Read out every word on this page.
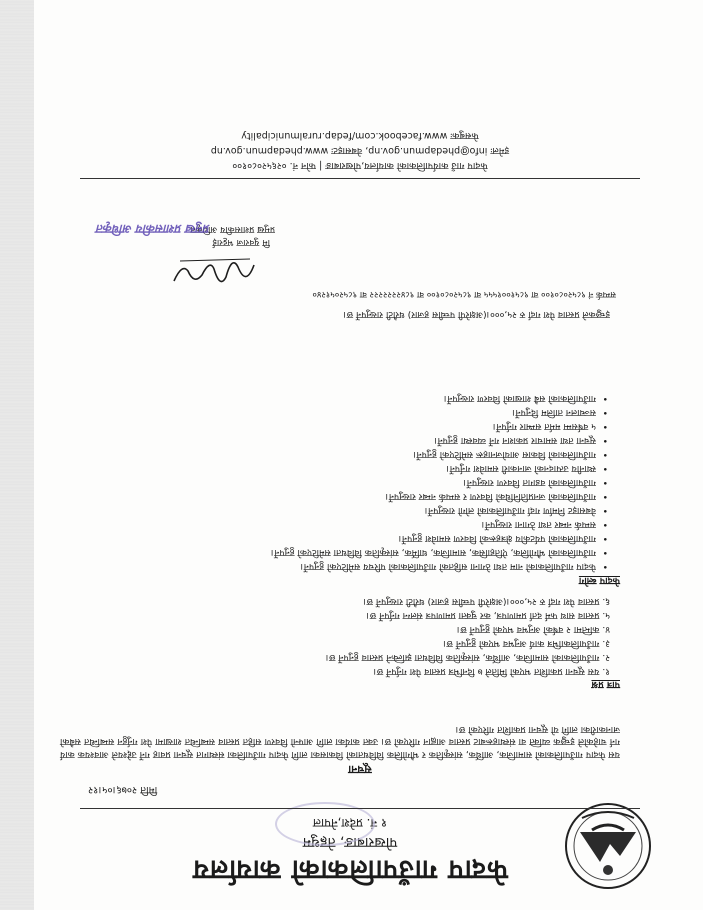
फेदाप गाउँपालिकाको कार्यालय
पोखराबाङ, तेह्रथुम
१ नं. प्रदेश,नेपाल
मिति २०७६।०५।१२
सूचना
यस फेदाप गाउँपालिकाको सामाजिक, आर्थिक, सांस्कृतिक र भौगोलिक विविधताको विकासका लागि फेदाप गाउँपालिका संस्थागत सूचना प्रवाह गर्ने उद्देश्यले आवश्यक कार्य गर्न चाहेकोले इच्छुक व्यक्ति वा संस्थाहरूबाट प्रस्ताव आह्वान गरिएको छ। उक्त कार्यका लागि आफ्नो विवरण सहित प्रस्ताव सम्बन्धित शाखामा पेश गर्नुहुन सम्बन्धित सबैको जानकारीका लागि यो सूचना प्रकाशित गरिएको छ।
पात्र प्रश्न
१. यस सूचना प्रकाशित भएको मितिले ७ दिनभित्र प्रस्ताव पेश गर्नुपर्ने छ।
२. गाउँपालिकाको सामाजिक, आर्थिक, सांस्कृतिक विविधता झल्किने प्रस्ताव हुनुपर्ने छ।
३. गाउँपालिकाभित्र कार्य अनुभव भएको हुनुपर्ने छ।
४. कम्तिमा २ वर्षको अनुभव भएको हुनुपर्ने छ।
५. प्रस्ताव साथ फर्म दर्ता प्रमाणपत्र, कर चुक्ता प्रमाणपत्र संलग्न गर्नुपर्ने छ।
६. प्रस्ताव पेश गर्दा रु २५,०००।(अक्षरेपी पच्चीस हजार) धरौटी राख्नुपर्ने छ।
फेदाप ब्लोग
• फेदाप गाउँपालिकाको नाम तथा ठेगाना सहितको गाउँपालिकाको परिचय समेटिएको हुनुपर्ने।
• गाउँपालिकाको भौगोलिक, ऐतिहासिक, सामाजिक, धार्मिक, सांस्कृतिक विविधता समेटिएको हुनुपर्ने।
• गाउँपालिकाको पर्यटकीय क्षेत्रहरूको विवरण समावेश हुनुपर्ने।
• सम्पर्क नम्बर तथा ठेगाना राख्नुपर्ने।
• वेबसाइट निर्माण गर्दा गाउँपालिकाको लोगो राख्नुपर्ने।
• गाउँपालिकाको जनप्रतिनिधिको विवरण र सम्पर्क नम्बर राख्नुपर्ने।
• गाउँपालिकाको वडागत विवरण राख्नुपर्ने।
• स्थानीय उत्पादनको जानकारी समावेश गर्नुपर्ने।
• गाउँपालिकाको विकास आयोजनाहरू समेटिएको हुनुपर्ने।
• सूचना तथा समाचार प्रकाशन गर्ने व्यवस्था हुनुपर्ने।
• ५ वर्षसम्म मर्मत सम्भार गर्नुपर्ने।
• सञ्चालन तालिम दिनुपर्ने।
• गाउँपालिकाको सबै शाखाको विवरण राख्नुपर्ने।
इच्छुकले प्रस्ताव पेश गर्दा रु २५,०००।(अक्षरेपी पच्चीस हजार) धरौटी राख्नुपर्ने छ।
सम्पर्क नं ९८५२०८०१०० वा ९८५१००१५५५ वा ९८५२०८०१०० वा ९८४२२२२२२२ वा ९८५२०५१२४०
मि युवराज भट्टराई
प्रमुख प्रशासकीय अधिकृत
प्रमुख प्रशासकीय अधिकृत
फेदाप गाउँ कार्यपालिकाको कार्यालय,पोखराबाङ | फोन नं. ०२६५२०८०१००
इमेलः info@phedapmun.gov.np, वेबसाइटः www.phedapmun.gov.np
फेसबुकः www.facebook.com/fedap.ruralmunicipality
